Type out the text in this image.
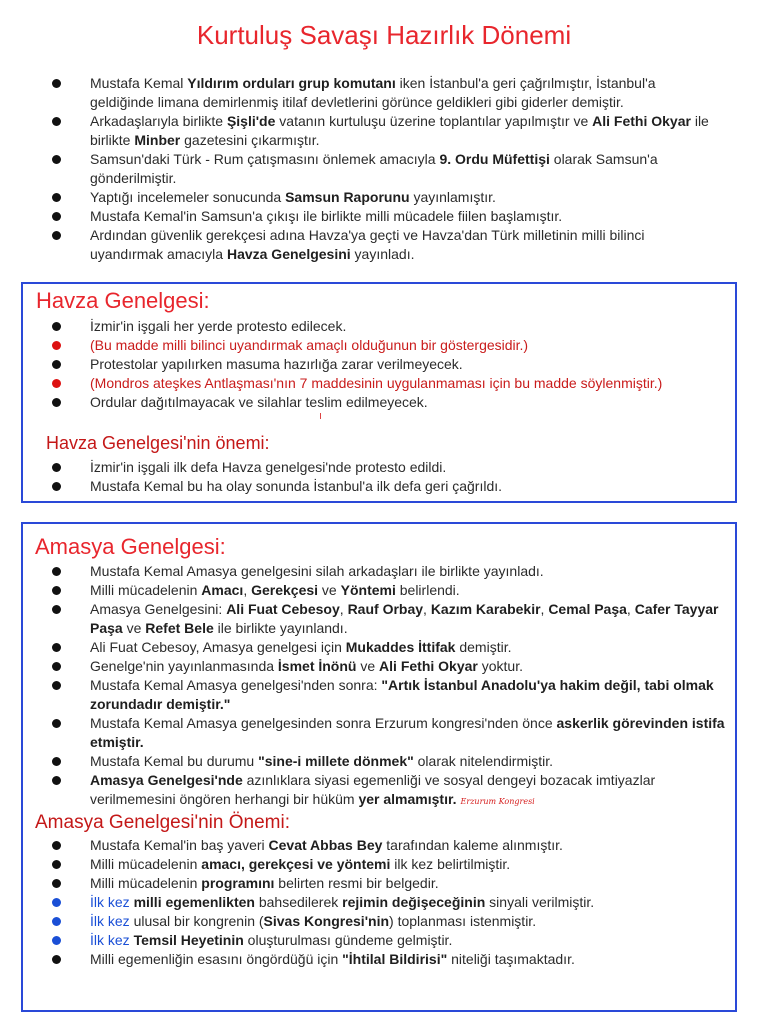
Kurtuluş Savaşı Hazırlık Dönemi
Mustafa Kemal Yıldırım orduları grup komutanı iken İstanbul'a geri çağrılmıştır, İstanbul'a geldiğinde limana demirlenmiş itilaf devletlerini görünce geldikleri gibi giderler demiştir.
Arkadaşlarıyla birlikte Şişli'de vatanın kurtuluşu üzerine toplantılar yapılmıştır ve Ali Fethi Okyar ile birlikte Minber gazetesini çıkarmıştır.
Samsun'daki Türk - Rum çatışmasını önlemek amacıyla 9. Ordu Müfettişi olarak Samsun'a gönderilmiştir.
Yaptığı incelemeler sonucunda Samsun Raporunu yayınlamıştır.
Mustafa Kemal'in Samsun'a çıkışı ile birlikte milli mücadele fiilen başlamıştır.
Ardından güvenlik gerekçesi adına Havza'ya geçti ve Havza'dan Türk milletinin milli bilinci uyandırmak amacıyla Havza Genelgesini yayınladı.
Havza Genelgesi:
İzmir'in işgali her yerde protesto edilecek.
(Bu madde milli bilinci uyandırmak amaçlı olduğunun bir göstergesidir.)
Protestolar yapılırken masuma hazırlığa zarar verilmeyecek.
(Mondros ateşkes Antlaşması'nın 7 maddesinin uygulanmaması için bu madde söylenmiştir.)
Ordular dağıtılmayacak ve silahlar teslim edilmeyecek.
Havza Genelgesi'nin önemi:
İzmir'in işgali ilk defa Havza genelgesi'nde protesto edildi.
Mustafa Kemal bu ha olay sonunda İstanbul'a ilk defa geri çağrıldı.
Amasya Genelgesi:
Mustafa Kemal Amasya genelgesini silah arkadaşları ile birlikte yayınladı.
Milli mücadelenin Amacı, Gerekçesi ve Yöntemi belirlendi.
Amasya Genelgesini: Ali Fuat Cebesoy, Rauf Orbay, Kazım Karabekir, Cemal Paşa, Cafer Tayyar Paşa ve Refet Bele ile birlikte yayınlandı.
Ali Fuat Cebesoy, Amasya genelgesi için Mukaddes İttifak demiştir.
Genelge'nin yayınlanmasında İsmet İnönü ve Ali Fethi Okyar yoktur.
Mustafa Kemal Amasya genelgesi'nden sonra: "Artık İstanbul Anadolu'ya hakim değil, tabi olmak zorundadır demiştir."
Mustafa Kemal Amasya genelgesinden sonra Erzurum kongresi'nden önce askerlik görevinden istifa etmiştir.
Mustafa Kemal bu durumu "sine-i millete dönmek" olarak nitelendirmiştir.
Amasya Genelgesi'nde azınlıklara siyasi egemenliği ve sosyal dengeyi bozacak imtiyazlar verilmemesini öngören herhangi bir hüküm yer almamıştır. Erzurum Kongresi
Amasya Genelgesi'nin Önemi:
Mustafa Kemal'in baş yaveri Cevat Abbas Bey tarafından kaleme alınmıştır.
Milli mücadelenin amacı, gerekçesi ve yöntemi ilk kez belirtilmiştir.
Milli mücadelenin programını belirten resmi bir belgedir.
İlk kez milli egemenlikten bahsedilerek rejimin değişeceğinin sinyali verilmiştir.
İlk kez ulusal bir kongrenin (Sivas Kongresi'nin) toplanması istenmiştir.
İlk kez Temsil Heyetinin oluşturulması gündeme gelmiştir.
Milli egemenliğin esasını öngördüğü için "İhtilal Bildirisi" niteliği taşımaktadır.
